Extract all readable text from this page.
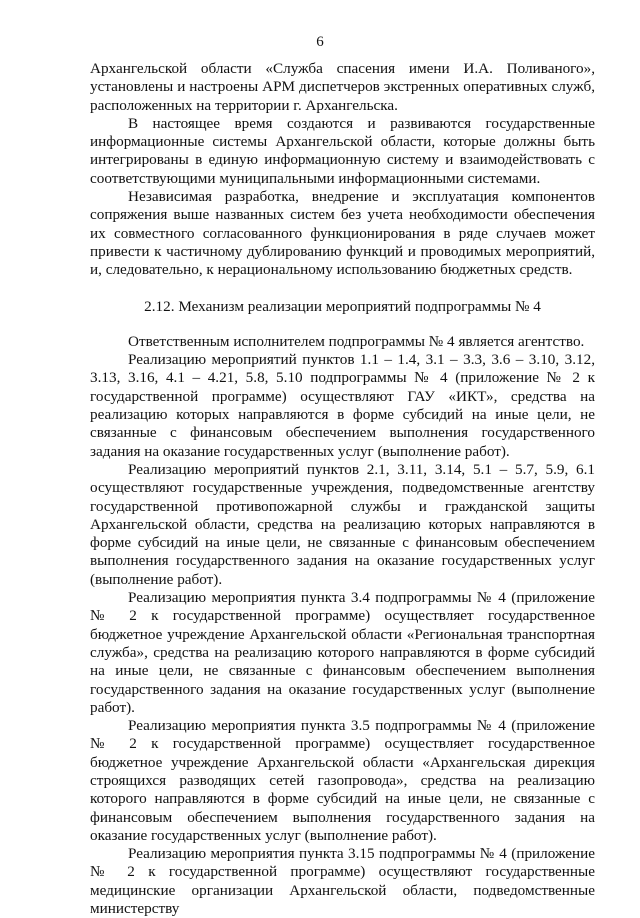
6

Архангельской области «Служба спасения имени И.А. Поливаного», установлены и настроены АРМ диспетчеров экстренных оперативных служб, расположенных на территории г. Архангельска.

В настоящее время создаются и развиваются государственные информационные системы Архангельской области, которые должны быть интегрированы в единую информационную систему и взаимодействовать с соответствующими муниципальными информационными системами.

Независимая разработка, внедрение и эксплуатация компонентов сопряжения выше названных систем без учета необходимости обеспечения их совместного согласованного функционирования в ряде случаев может привести к частичному дублированию функций и проводимых мероприятий, и, следовательно, к нерациональному использованию бюджетных средств.

2.12. Механизм реализации мероприятий подпрограммы № 4

Ответственным исполнителем подпрограммы № 4 является агентство.

Реализацию мероприятий пунктов 1.1 – 1.4, 3.1 – 3.3, 3.6 – 3.10, 3.12, 3.13, 3.16, 4.1 – 4.21, 5.8, 5.10 подпрограммы № 4 (приложение № 2 к государственной программе) осуществляют ГАУ «ИКТ», средства на реализацию которых направляются в форме субсидий на иные цели, не связанные с финансовым обеспечением выполнения государственного задания на оказание государственных услуг (выполнение работ).

Реализацию мероприятий пунктов 2.1, 3.11, 3.14, 5.1 – 5.7, 5.9, 6.1 осуществляют государственные учреждения, подведомственные агентству государственной противопожарной службы и гражданской защиты Архангельской области, средства на реализацию которых направляются в форме субсидий на иные цели, не связанные с финансовым обеспечением выполнения государственного задания на оказание государственных услуг (выполнение работ).

Реализацию мероприятия пункта 3.4 подпрограммы № 4 (приложение № 2 к государственной программе) осуществляет государственное бюджетное учреждение Архангельской области «Региональная транспортная служба», средства на реализацию которого направляются в форме субсидий на иные цели, не связанные с финансовым обеспечением выполнения государственного задания на оказание государственных услуг (выполнение работ).

Реализацию мероприятия пункта 3.5 подпрограммы № 4 (приложение № 2 к государственной программе) осуществляет государственное бюджетное учреждение Архангельской области «Архангельская дирекция строящихся разводящих сетей газопровода», средства на реализацию которого направляются в форме субсидий на иные цели, не связанные с финансовым обеспечением выполнения государственного задания на оказание государственных услуг (выполнение работ).

Реализацию мероприятия пункта 3.15 подпрограммы № 4 (приложение № 2 к государственной программе) осуществляют государственные медицинские организации Архангельской области, подведомственные министерству
